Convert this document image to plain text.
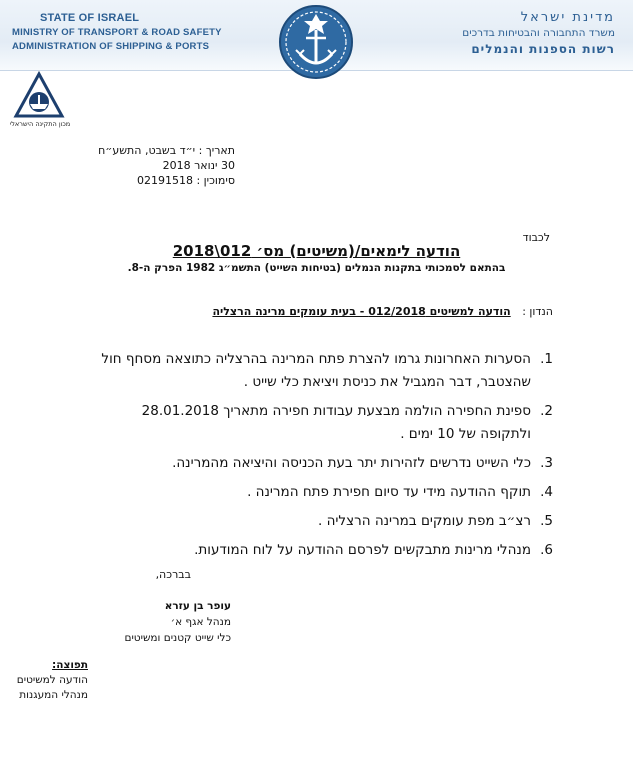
STATE OF ISRAEL
MINISTRY OF TRANSPORT & ROAD SAFETY
ADMINISTRATION OF SHIPPING & PORTS
מדינת ישראל
משרד התחבורה והבטיחות בדרכים
רשות הספנות והנמלים
מכון התקינה הישראלי
תאריך : י״ד בשבט, התשע״ח
30 ינואר 2018
סימוכין : 02191518
לכבוד
הודעה לימאים/(משיטים) מס׳ 012\2018
בהתאם לסמכותי בתקנות הנמלים (בטיחות השייט) התשמ״ג 1982 הפרק ה-8.
הנדון : הודעה למשיטים 012/2018 - בעית עומקים מרינה הרצליה
1.
הסערות האחרונות גרמו להצרת פתח המרינה בהרצליה כתוצאה מסחף חול שהצטבר, דבר המגביל את כניסת ויציאת כלי שייט .
2.
ספינת החפירה הולמה מבצעת עבודות חפירה מתאריך 28.01.2018 ולתקופה של 10 ימים .
3.
כלי השייט נדרשים לזהירות יתר בעת הכניסה והיציאה מהמרינה.
4.
תוקף ההודעה מידי עד סיום חפירת פתח המרינה .
5.
רצ״ב מפת עומקים במרינה הרצליה .
6.
מנהלי מרינות מתבקשים לפרסם ההודעה על לוח המודעות.
בברכה,
עופר בן עזרא
מנהל אגף א׳
כלי שייט קטנים ומשיטים
תפוצה:
הודעה למשיטים
מנהלי המעגנות
